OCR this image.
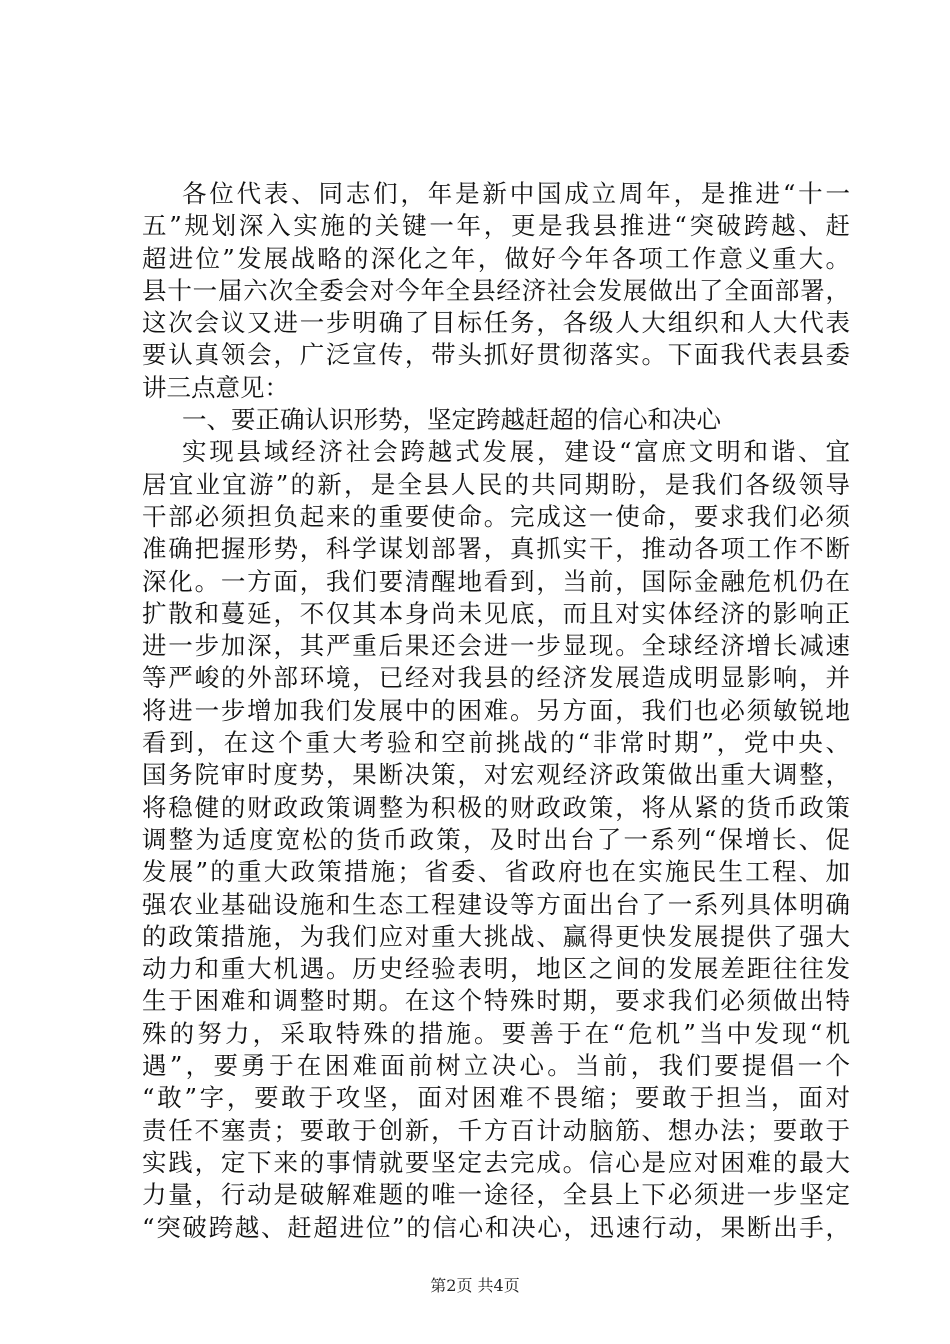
各位代表、同志们，年是新中国成立周年，是推进“十一
五”规划深入实施的关键一年，更是我县推进“突破跨越、赶
超进位”发展战略的深化之年，做好今年各项工作意义重大。
县十一届六次全委会对今年全县经济社会发展做出了全面部署，
这次会议又进一步明确了目标任务，各级人大组织和人大代表
要认真领会，广泛宣传，带头抓好贯彻落实。下面我代表县委
讲三点意见：
一、要正确认识形势，坚定跨越赶超的信心和决心
实现县域经济社会跨越式发展，建设“富庶文明和谐、宜
居宜业宜游”的新，是全县人民的共同期盼，是我们各级领导
干部必须担负起来的重要使命。完成这一使命，要求我们必须
准确把握形势，科学谋划部署，真抓实干，推动各项工作不断
深化。一方面，我们要清醒地看到，当前，国际金融危机仍在
扩散和蔓延，不仅其本身尚未见底，而且对实体经济的影响正
进一步加深，其严重后果还会进一步显现。全球经济增长减速
等严峻的外部环境，已经对我县的经济发展造成明显影响，并
将进一步增加我们发展中的困难。另方面，我们也必须敏锐地
看到，在这个重大考验和空前挑战的“非常时期”，党中央、
国务院审时度势，果断决策，对宏观经济政策做出重大调整，
将稳健的财政政策调整为积极的财政政策，将从紧的货币政策
调整为适度宽松的货币政策，及时出台了一系列“保增长、促
发展”的重大政策措施；省委、省政府也在实施民生工程、加
强农业基础设施和生态工程建设等方面出台了一系列具体明确
的政策措施，为我们应对重大挑战、赢得更快发展提供了强大
动力和重大机遇。历史经验表明，地区之间的发展差距往往发
生于困难和调整时期。在这个特殊时期，要求我们必须做出特
殊的努力，采取特殊的措施。要善于在“危机”当中发现“机
遇”，要勇于在困难面前树立决心。当前，我们要提倡一个
“敢”字，要敢于攻坚，面对困难不畏缩；要敢于担当，面对
责任不塞责；要敢于创新，千方百计动脑筋、想办法；要敢于
实践，定下来的事情就要坚定去完成。信心是应对困难的最大
力量，行动是破解难题的唯一途径，全县上下必须进一步坚定
“突破跨越、赶超进位”的信心和决心，迅速行动，果断出手，
第2页 共4页
